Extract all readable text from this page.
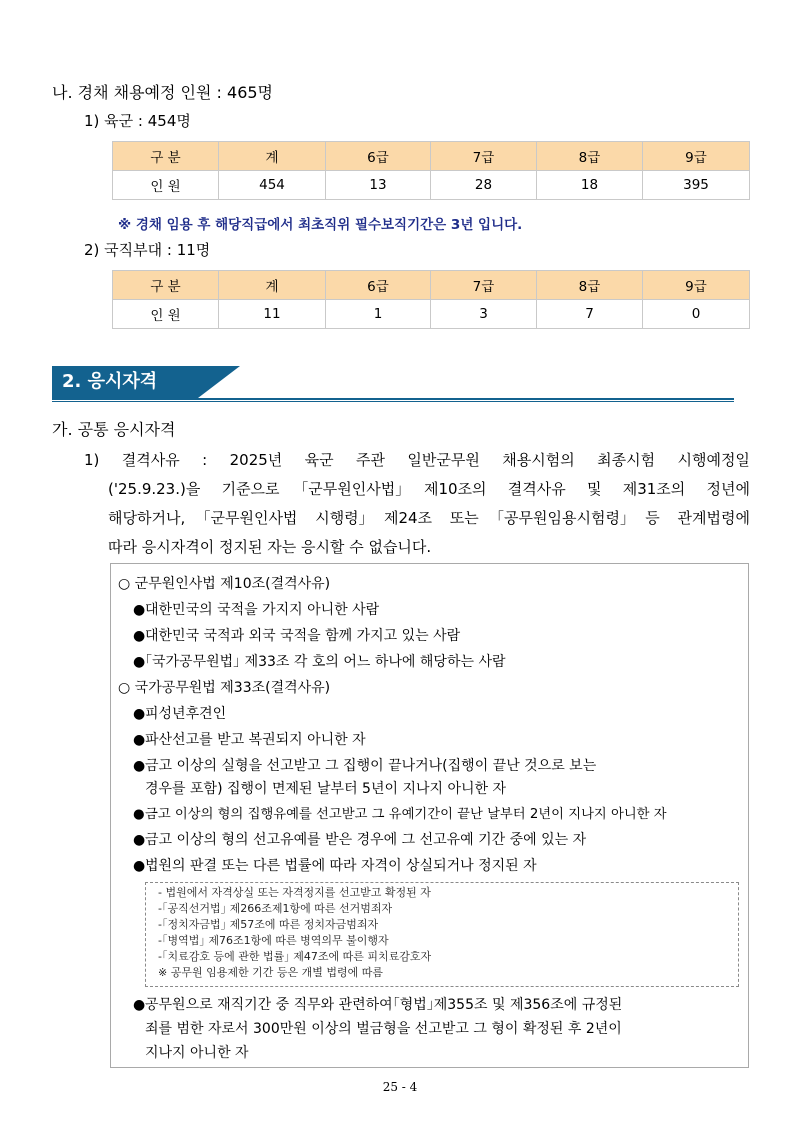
나. 경채 채용예정 인원 : 465명
1) 육군 : 454명
구 분	계	6급	7급	8급	9급
인 원	454	13	28	18	395
※ 경채 임용 후 해당직급에서 최초직위 필수보직기간은 3년 입니다.
2) 국직부대 : 11명
구 분	계	6급	7급	8급	9급
인 원	11	1	3	7	0
2. 응시자격
가. 공통 응시자격
1) 결격사유 : 2025년 육군 주관 일반군무원 채용시험의 최종시험 시행예정일
('25.9.23.)을 기준으로 ｢군무원인사법｣ 제10조의 결격사유 및 제31조의 정년에
해당하거나, ｢군무원인사법 시행령｣ 제24조 또는 ｢공무원임용시험령｣ 등 관계법령에
따라 응시자격이 정지된 자는 응시할 수 없습니다.
○ 군무원인사법 제10조(결격사유)
●대한민국의 국적을 가지지 아니한 사람
●대한민국 국적과 외국 국적을 함께 가지고 있는 사람
●｢국가공무원법｣ 제33조 각 호의 어느 하나에 해당하는 사람
○ 국가공무원법 제33조(결격사유)
●피성년후견인
●파산선고를 받고 복권되지 아니한 자
●금고 이상의 실형을 선고받고 그 집행이 끝나거나(집행이 끝난 것으로 보는
경우를 포함) 집행이 면제된 날부터 5년이 지나지 아니한 자
●금고 이상의 형의 집행유예를 선고받고 그 유예기간이 끝난 날부터 2년이 지나지 아니한 자
●금고 이상의 형의 선고유예를 받은 경우에 그 선고유예 기간 중에 있는 자
●법원의 판결 또는 다른 법률에 따라 자격이 상실되거나 정지된 자
- 법원에서 자격상실 또는 자격정지를 선고받고 확정된 자
-｢공직선거법｣ 제266조제1항에 따른 선거범죄자
-｢정치자금법｣ 제57조에 따른 정치자금범죄자
-｢병역법｣ 제76조1항에 따른 병역의무 불이행자
-｢치료감호 등에 관한 법률｣ 제47조에 따른 피치료감호자
※ 공무원 임용제한 기간 등은 개별 법령에 따름
●공무원으로 재직기간 중 직무와 관련하여｢형법｣제355조 및 제356조에 규정된
죄를 범한 자로서 300만원 이상의 벌금형을 선고받고 그 형이 확정된 후 2년이
지나지 아니한 자
25 - 4
